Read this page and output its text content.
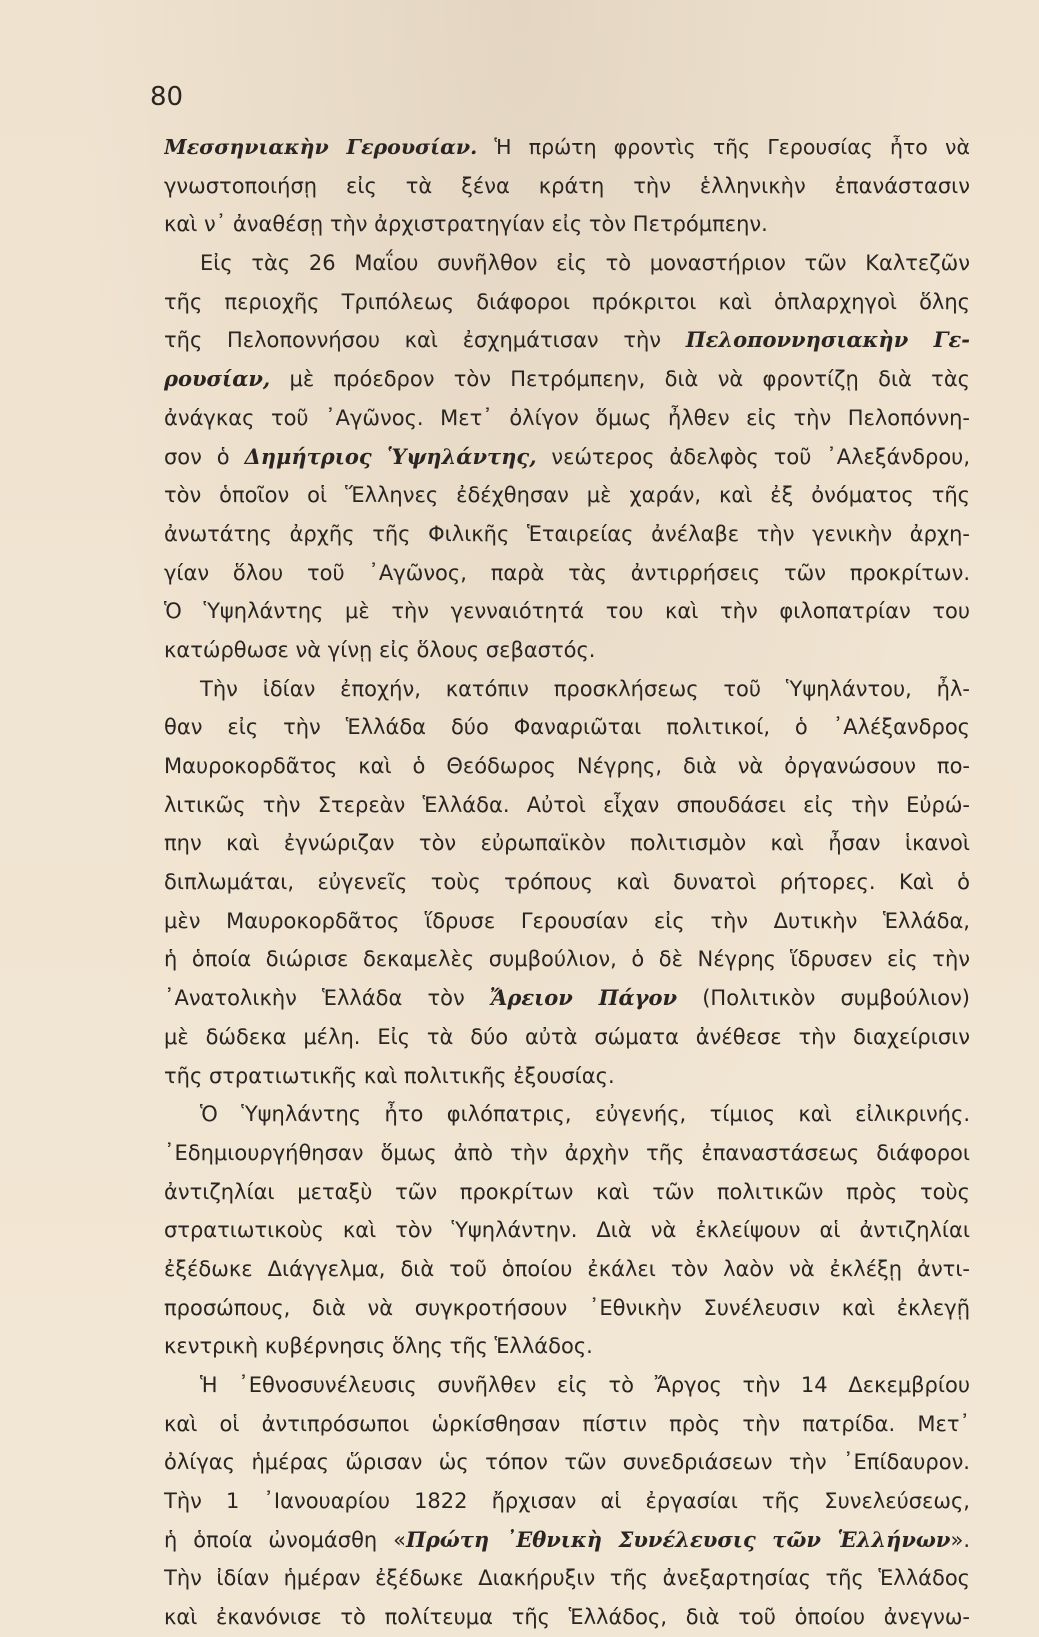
80
Μεσσηνιακὴν Γερουσίαν. Ἡ πρώτη φροντὶς τῆς Γερουσίας ἦτο νὰ
γνωστοποιήσῃ εἰς τὰ ξένα κράτη τὴν ἑλληνικὴν ἐπανάστασιν
καὶ ν᾽ ἀναθέσῃ τὴν ἀρχιστρατηγίαν εἰς τὸν Πετρόμπεην.
Εἰς τὰς 26 Μαΐου συνῆλθον εἰς τὸ μοναστήριον τῶν Καλτεζῶν
τῆς περιοχῆς Τριπόλεως διάφοροι πρόκριτοι καὶ ὁπλαρχηγοὶ ὅλης
τῆς Πελοποννήσου καὶ ἐσχημάτισαν τὴν Πελοποννησιακὴν Γε-
ρουσίαν, μὲ πρόεδρον τὸν Πετρόμπεην, διὰ νὰ φροντίζῃ διὰ τὰς
ἀνάγκας τοῦ ᾽Αγῶνος. Μετ᾽ ὀλίγον ὅμως ἦλθεν εἰς τὴν Πελοπόννη-
σον ὁ Δημήτριος Ὑψηλάντης, νεώτερος ἀδελφὸς τοῦ ᾽Αλεξάνδρου,
τὸν ὁποῖον οἱ Ἕλληνες ἐδέχθησαν μὲ χαράν, καὶ ἐξ ὀνόματος τῆς
ἀνωτάτης ἀρχῆς τῆς Φιλικῆς Ἑταιρείας ἀνέλαβε τὴν γενικὴν ἀρχη-
γίαν ὅλου τοῦ ᾽Αγῶνος, παρὰ τὰς ἀντιρρήσεις τῶν προκρίτων.
Ὁ Ὑψηλάντης μὲ τὴν γενναιότητά του καὶ τὴν φιλοπατρίαν του
κατώρθωσε νὰ γίνῃ εἰς ὅλους σεβαστός.
Τὴν ἰδίαν ἐποχήν, κατόπιν προσκλήσεως τοῦ Ὑψηλάντου, ἦλ-
θαν εἰς τὴν Ἑλλάδα δύο Φαναριῶται πολιτικοί, ὁ ᾽Αλέξανδρος
Μαυροκορδᾶτος καὶ ὁ Θεόδωρος Νέγρης, διὰ νὰ ὀργανώσουν πο-
λιτικῶς τὴν Στερεὰν Ἑλλάδα. Αὐτοὶ εἶχαν σπουδάσει εἰς τὴν Εὐρώ-
πην καὶ ἐγνώριζαν τὸν εὐρωπαϊκὸν πολιτισμὸν καὶ ἦσαν ἱκανοὶ
διπλωμάται, εὐγενεῖς τοὺς τρόπους καὶ δυνατοὶ ρήτορες. Καὶ ὁ
μὲν Μαυροκορδᾶτος ἵδρυσε Γερουσίαν εἰς τὴν Δυτικὴν Ἑλλάδα,
ἡ ὁποία διώρισε δεκαμελὲς συμβούλιον, ὁ δὲ Νέγρης ἵδρυσεν εἰς τὴν
᾽Ανατολικὴν Ἑλλάδα τὸν Ἄρειον Πάγον (Πολιτικὸν συμβούλιον)
μὲ δώδεκα μέλη. Εἰς τὰ δύο αὐτὰ σώματα ἀνέθεσε τὴν διαχείρισιν
τῆς στρατιωτικῆς καὶ πολιτικῆς ἐξουσίας.
Ὁ Ὑψηλάντης ἦτο φιλόπατρις, εὐγενής, τίμιος καὶ εἰλικρινής.
᾽Εδημιουργήθησαν ὅμως ἀπὸ τὴν ἀρχὴν τῆς ἐπαναστάσεως διάφοροι
ἀντιζηλίαι μεταξὺ τῶν προκρίτων καὶ τῶν πολιτικῶν πρὸς τοὺς
στρατιωτικοὺς καὶ τὸν Ὑψηλάντην. Διὰ νὰ ἐκλείψουν αἱ ἀντιζηλίαι
ἐξέδωκε Διάγγελμα, διὰ τοῦ ὁποίου ἐκάλει τὸν λαὸν νὰ ἐκλέξῃ ἀντι-
προσώπους, διὰ νὰ συγκροτήσουν ᾽Εθνικὴν Συνέλευσιν καὶ ἐκλεγῇ
κεντρικὴ κυβέρνησις ὅλης τῆς Ἑλλάδος.
Ἡ ᾽Εθνοσυνέλευσις συνῆλθεν εἰς τὸ Ἄργος τὴν 14 Δεκεμβρίου
καὶ οἱ ἀντιπρόσωποι ὡρκίσθησαν πίστιν πρὸς τὴν πατρίδα. Μετ᾽
ὀλίγας ἡμέρας ὥρισαν ὡς τόπον τῶν συνεδριάσεων τὴν ᾽Επίδαυρον.
Τὴν 1 ᾽Ιανουαρίου 1822 ἤρχισαν αἱ ἐργασίαι τῆς Συνελεύσεως,
ἡ ὁποία ὠνομάσθη «Πρώτη ᾽Εθνικὴ Συνέλευσις τῶν Ἑλλήνων».
Τὴν ἰδίαν ἡμέραν ἐξέδωκε Διακήρυξιν τῆς ἀνεξαρτησίας τῆς Ἑλλάδος
καὶ ἐκανόνισε τὸ πολίτευμα τῆς Ἑλλάδος, διὰ τοῦ ὁποίου ἀνεγνω-
